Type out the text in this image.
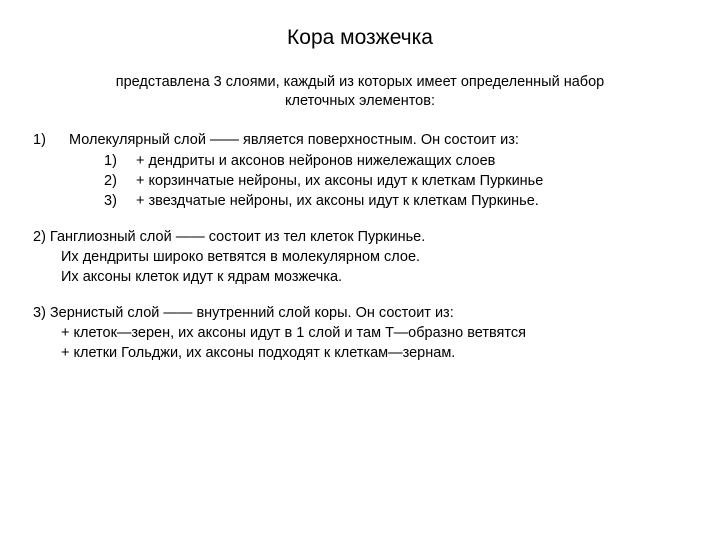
Кора мозжечка
представлена 3 слоями, каждый из которых имеет определенный набор
клеточных элементов:
1) Молекулярный слой —— является поверхностным. Он состоит из:
1) + дендриты и аксонов нейронов нижележащих слоев
2) + корзинчатые нейроны, их аксоны идут к клеткам Пуркинье
3) + звездчатые нейроны, их аксоны идут к клеткам Пуркинье.
2) Ганглиозный слой —— состоит из тел клеток Пуркинье.
Их дендриты широко ветвятся в молекулярном слое.
Их аксоны клеток идут к ядрам мозжечка.
3) Зернистый слой —— внутренний слой коры. Он состоит из:
+ клеток—зерен, их аксоны идут в 1 слой и там Т—образно ветвятся
+ клетки Гольджи, их аксоны подходят к клеткам—зернам.
